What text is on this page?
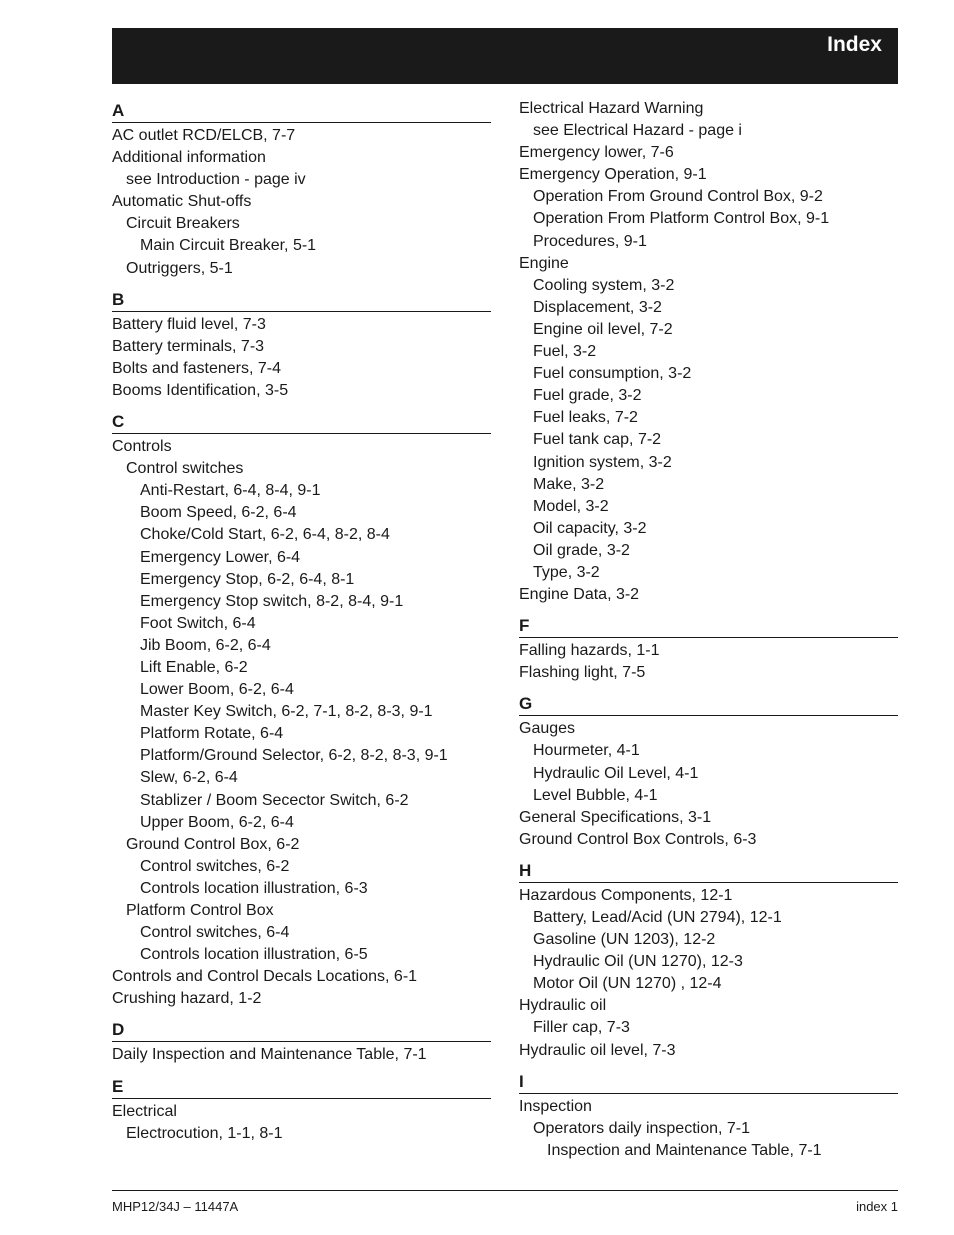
Index
A
AC outlet RCD/ELCB, 7-7
Additional information
see Introduction - page iv
Automatic Shut-offs
Circuit Breakers
Main Circuit Breaker, 5-1
Outriggers, 5-1
B
Battery fluid level, 7-3
Battery terminals, 7-3
Bolts and fasteners, 7-4
Booms Identification, 3-5
C
Controls
Control switches
Anti-Restart, 6-4, 8-4, 9-1
Boom Speed, 6-2, 6-4
Choke/Cold Start, 6-2, 6-4, 8-2, 8-4
Emergency Lower, 6-4
Emergency Stop, 6-2, 6-4, 8-1
Emergency Stop switch, 8-2, 8-4, 9-1
Foot Switch, 6-4
Jib Boom, 6-2, 6-4
Lift Enable, 6-2
Lower Boom, 6-2, 6-4
Master Key Switch, 6-2, 7-1, 8-2, 8-3, 9-1
Platform Rotate, 6-4
Platform/Ground Selector, 6-2, 8-2, 8-3, 9-1
Slew, 6-2, 6-4
Stablizer / Boom Secector Switch, 6-2
Upper Boom, 6-2, 6-4
Ground Control Box, 6-2
Control switches, 6-2
Controls location illustration, 6-3
Platform Control Box
Control switches, 6-4
Controls location illustration, 6-5
Controls and Control Decals Locations, 6-1
Crushing hazard, 1-2
D
Daily Inspection and Maintenance Table, 7-1
E
Electrical
Electrocution, 1-1, 8-1
Electrical Hazard Warning
see Electrical Hazard - page i
Emergency lower, 7-6
Emergency Operation, 9-1
Operation From Ground Control Box, 9-2
Operation From Platform Control Box, 9-1
Procedures, 9-1
Engine
Cooling system, 3-2
Displacement, 3-2
Engine oil level, 7-2
Fuel, 3-2
Fuel consumption, 3-2
Fuel grade, 3-2
Fuel leaks, 7-2
Fuel tank cap, 7-2
Ignition system, 3-2
Make, 3-2
Model, 3-2
Oil capacity, 3-2
Oil grade, 3-2
Type, 3-2
Engine Data, 3-2
F
Falling hazards, 1-1
Flashing light, 7-5
G
Gauges
Hourmeter, 4-1
Hydraulic Oil Level, 4-1
Level Bubble, 4-1
General Specifications, 3-1
Ground Control Box Controls, 6-3
H
Hazardous Components, 12-1
Battery, Lead/Acid (UN 2794), 12-1
Gasoline (UN 1203), 12-2
Hydraulic Oil (UN 1270), 12-3
Motor Oil (UN 1270) , 12-4
Hydraulic oil
Filler cap, 7-3
Hydraulic oil level, 7-3
I
Inspection
Operators daily inspection, 7-1
Inspection and Maintenance Table, 7-1
MHP12/34J – 11447A	index 1
